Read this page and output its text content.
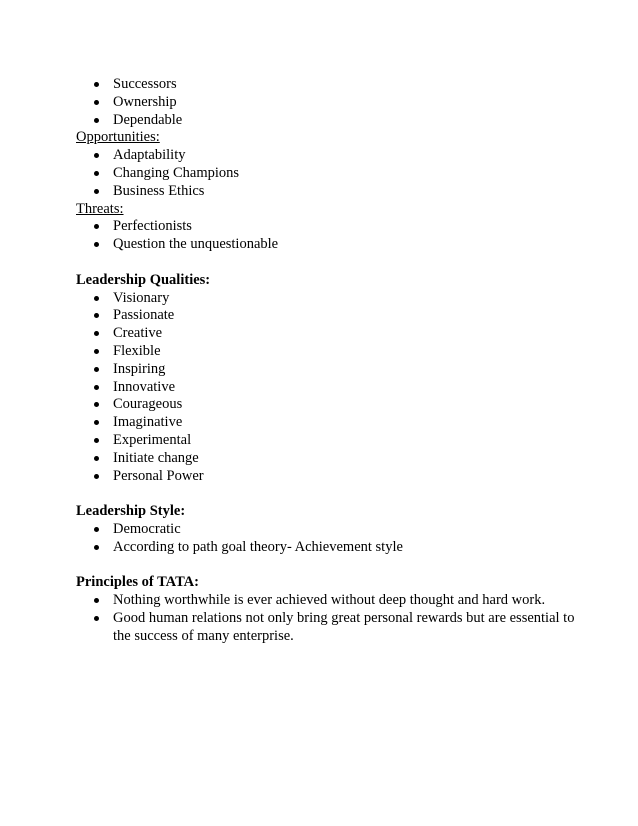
Successors
Ownership
Dependable
Opportunities:
Adaptability
Changing Champions
Business Ethics
Threats:
Perfectionists
Question the unquestionable
Leadership Qualities:
Visionary
Passionate
Creative
Flexible
Inspiring
Innovative
Courageous
Imaginative
Experimental
Initiate change
Personal Power
Leadership Style:
Democratic
According to path goal theory- Achievement style
Principles of TATA:
Nothing worthwhile is ever achieved without deep thought and hard work.
Good human relations not only bring great personal rewards but are essential to the success of many enterprise.
